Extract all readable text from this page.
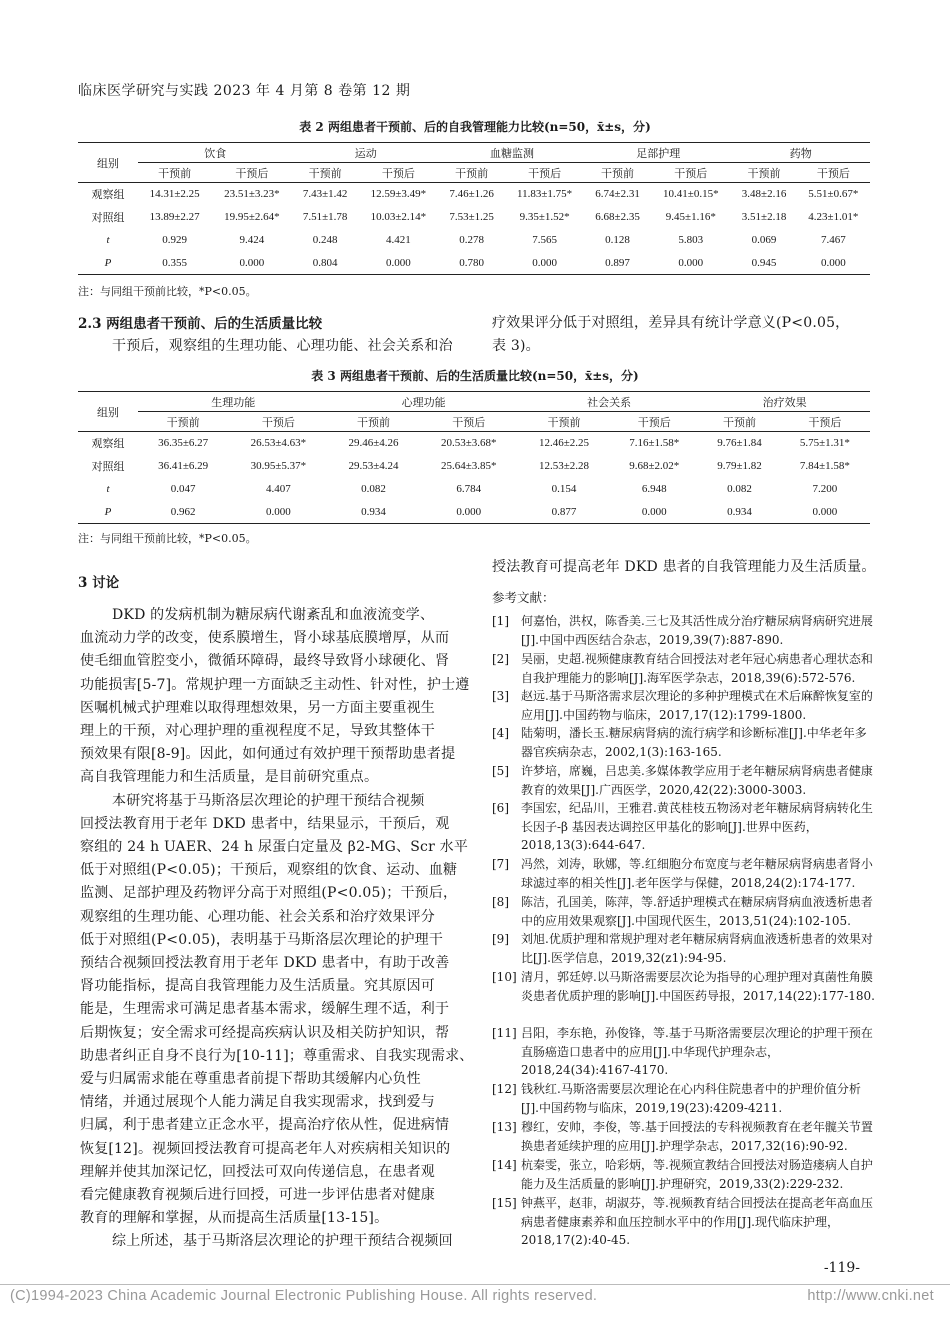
临床医学研究与实践 2023 年 4 月第 8 卷第 12 期
表 2 两组患者干预前、后的自我管理能力比较(n=50，x̄±s，分)
组别	饮食		运动		血糖监测		足部护理		药物	
	干预前	干预后	干预前	干预后	干预前	干预后	干预前	干预后	干预前	干预后
观察组	14.31±2.25	23.51±3.23*	7.43±1.42	12.59±3.49*	7.46±1.26	11.83±1.75*	6.74±2.31	10.41±0.15*	3.48±2.16	5.51±0.67*
对照组	13.89±2.27	19.95±2.64*	7.51±1.78	10.03±2.14*	7.53±1.25	9.35±1.52*	6.68±2.35	9.45±1.16*	3.51±2.18	4.23±1.01*
t	0.929	9.424	0.248	4.421	0.278	7.565	0.128	5.803	0.069	7.467
P	0.355	0.000	0.804	0.000	0.780	0.000	0.897	0.000	0.945	0.000
注：与同组干预前比较，*P<0.05。
2.3 两组患者干预前、后的生活质量比较
干预后，观察组的生理功能、心理功能、社会关系和治
疗效果评分低于对照组，差异具有统计学意义(P<0.05，
表 3)。
表 3 两组患者干预前、后的生活质量比较(n=50，x̄±s，分)
组别	生理功能		心理功能		社会关系		治疗效果	
	干预前	干预后	干预前	干预后	干预前	干预后	干预前	干预后
观察组	36.35±6.27	26.53±4.63*	29.46±4.26	20.53±3.68*	12.46±2.25	7.16±1.58*	9.76±1.84	5.75±1.31*
对照组	36.41±6.29	30.95±5.37*	29.53±4.24	25.64±3.85*	12.53±2.28	9.68±2.02*	9.79±1.82	7.84±1.58*
t	0.047	4.407	0.082	6.784	0.154	6.948	0.082	7.200
P	0.962	0.000	0.934	0.000	0.877	0.000	0.934	0.000
注：与同组干预前比较，*P<0.05。
3 讨论
DKD 的发病机制为糖尿病代谢紊乱和血液流变学、
血流动力学的改变，使系膜增生，肾小球基底膜增厚，从而
使毛细血管腔变小，微循环障碍，最终导致肾小球硬化、肾
功能损害[5-7]。常规护理一方面缺乏主动性、针对性，护士遵
医嘱机械式护理难以取得理想效果，另一方面主要重视生
理上的干预，对心理护理的重视程度不足，导致其整体干
预效果有限[8-9]。因此，如何通过有效护理干预帮助患者提
高自我管理能力和生活质量，是目前研究重点。
本研究将基于马斯洛层次理论的护理干预结合视频
回授法教育用于老年 DKD 患者中，结果显示，干预后，观
察组的 24 h UAER、24 h 尿蛋白定量及 β2-MG、Scr 水平
低于对照组(P<0.05)；干预后，观察组的饮食、运动、血糖
监测、足部护理及药物评分高于对照组(P<0.05)；干预后，
观察组的生理功能、心理功能、社会关系和治疗效果评分
低于对照组(P<0.05)，表明基于马斯洛层次理论的护理干
预结合视频回授法教育用于老年 DKD 患者中，有助于改善
肾功能指标，提高自我管理能力及生活质量。究其原因可
能是，生理需求可满足患者基本需求，缓解生理不适，利于
后期恢复；安全需求可经提高疾病认识及相关防护知识，帮
助患者纠正自身不良行为[10-11]；尊重需求、自我实现需求、
爱与归属需求能在尊重患者前提下帮助其缓解内心负性
情绪，并通过展现个人能力满足自我实现需求，找到爱与
归属，利于患者建立正念水平，提高治疗依从性，促进病情
恢复[12]。视频回授法教育可提高老年人对疾病相关知识的
理解并使其加深记忆，回授法可双向传递信息，在患者观
看完健康教育视频后进行回授，可进一步评估患者对健康
教育的理解和掌握，从而提高生活质量[13-15]。
综上所述，基于马斯洛层次理论的护理干预结合视频回
授法教育可提高老年 DKD 患者的自我管理能力及生活质量。
参考文献：
[1] 何嘉怡，洪权，陈香美.三七及其活性成分治疗糖尿病肾病研究进展[J].中国中西医结合杂志，2019,39(7):887-890.
[2] 吴丽，史超.视频健康教育结合回授法对老年冠心病患者心理状态和自我护理能力的影响[J].海军医学杂志，2018,39(6):572-576.
[3] 赵远.基于马斯洛需求层次理论的多种护理模式在术后麻醉恢复室的应用[J].中国药物与临床，2017,17(12):1799-1800.
[4] 陆菊明，潘长玉.糖尿病肾病的流行病学和诊断标准[J].中华老年多器官疾病杂志，2002,1(3):163-165.
[5] 许梦培，席巍，吕忠美.多媒体教学应用于老年糖尿病肾病患者健康教育的效果[J].广西医学，2020,42(22):3000-3003.
[6] 李国宏，纪品川，王雅君.黄芪桂枝五物汤对老年糖尿病肾病转化生长因子-β 基因表达调控区甲基化的影响[J].世界中医药，2018,13(3):644-647.
[7] 冯然，刘涛，耿娜，等.红细胞分布宽度与老年糖尿病肾病患者肾小球滤过率的相关性[J].老年医学与保健，2018,24(2):174-177.
[8] 陈洁，孔国美，陈萍，等.舒适护理模式在糖尿病肾病血液透析患者中的应用效果观察[J].中国现代医生，2013,51(24):102-105.
[9] 刘旭.优质护理和常规护理对老年糖尿病肾病血液透析患者的效果对比[J].医学信息，2019,32(z1):94-95.
[10] 清月，郭廷婷.以马斯洛需要层次论为指导的心理护理对真菌性角膜炎患者优质护理的影响[J].中国医药导报，2017,14(22):177-180.
[11] 吕阳，李东艳，孙俊锋，等.基于马斯洛需要层次理论的护理干预在直肠癌造口患者中的应用[J].中华现代护理杂志，2018,24(34):4167-4170.
[12] 钱秋红.马斯洛需要层次理论在心内科住院患者中的护理价值分析[J].中国药物与临床，2019,19(23):4209-4211.
[13] 穆红，安帅，李俊，等.基于回授法的专科视频教育在老年髋关节置换患者延续护理的应用[J].护理学杂志，2017,32(16):90-92.
[14] 杭秦雯，张立，哈彩炳，等.视频宣教结合回授法对肠造瘘病人自护能力及生活质量的影响[J].护理研究，2019,33(2):229-232.
[15] 钟燕平，赵菲，胡淑芬，等.视频教育结合回授法在提高老年高血压病患者健康素养和血压控制水平中的作用[J].现代临床护理，2018,17(2):40-45.
-119-
(C)1994-2023 China Academic Journal Electronic Publishing House. All rights reserved.	http://www.cnki.net
